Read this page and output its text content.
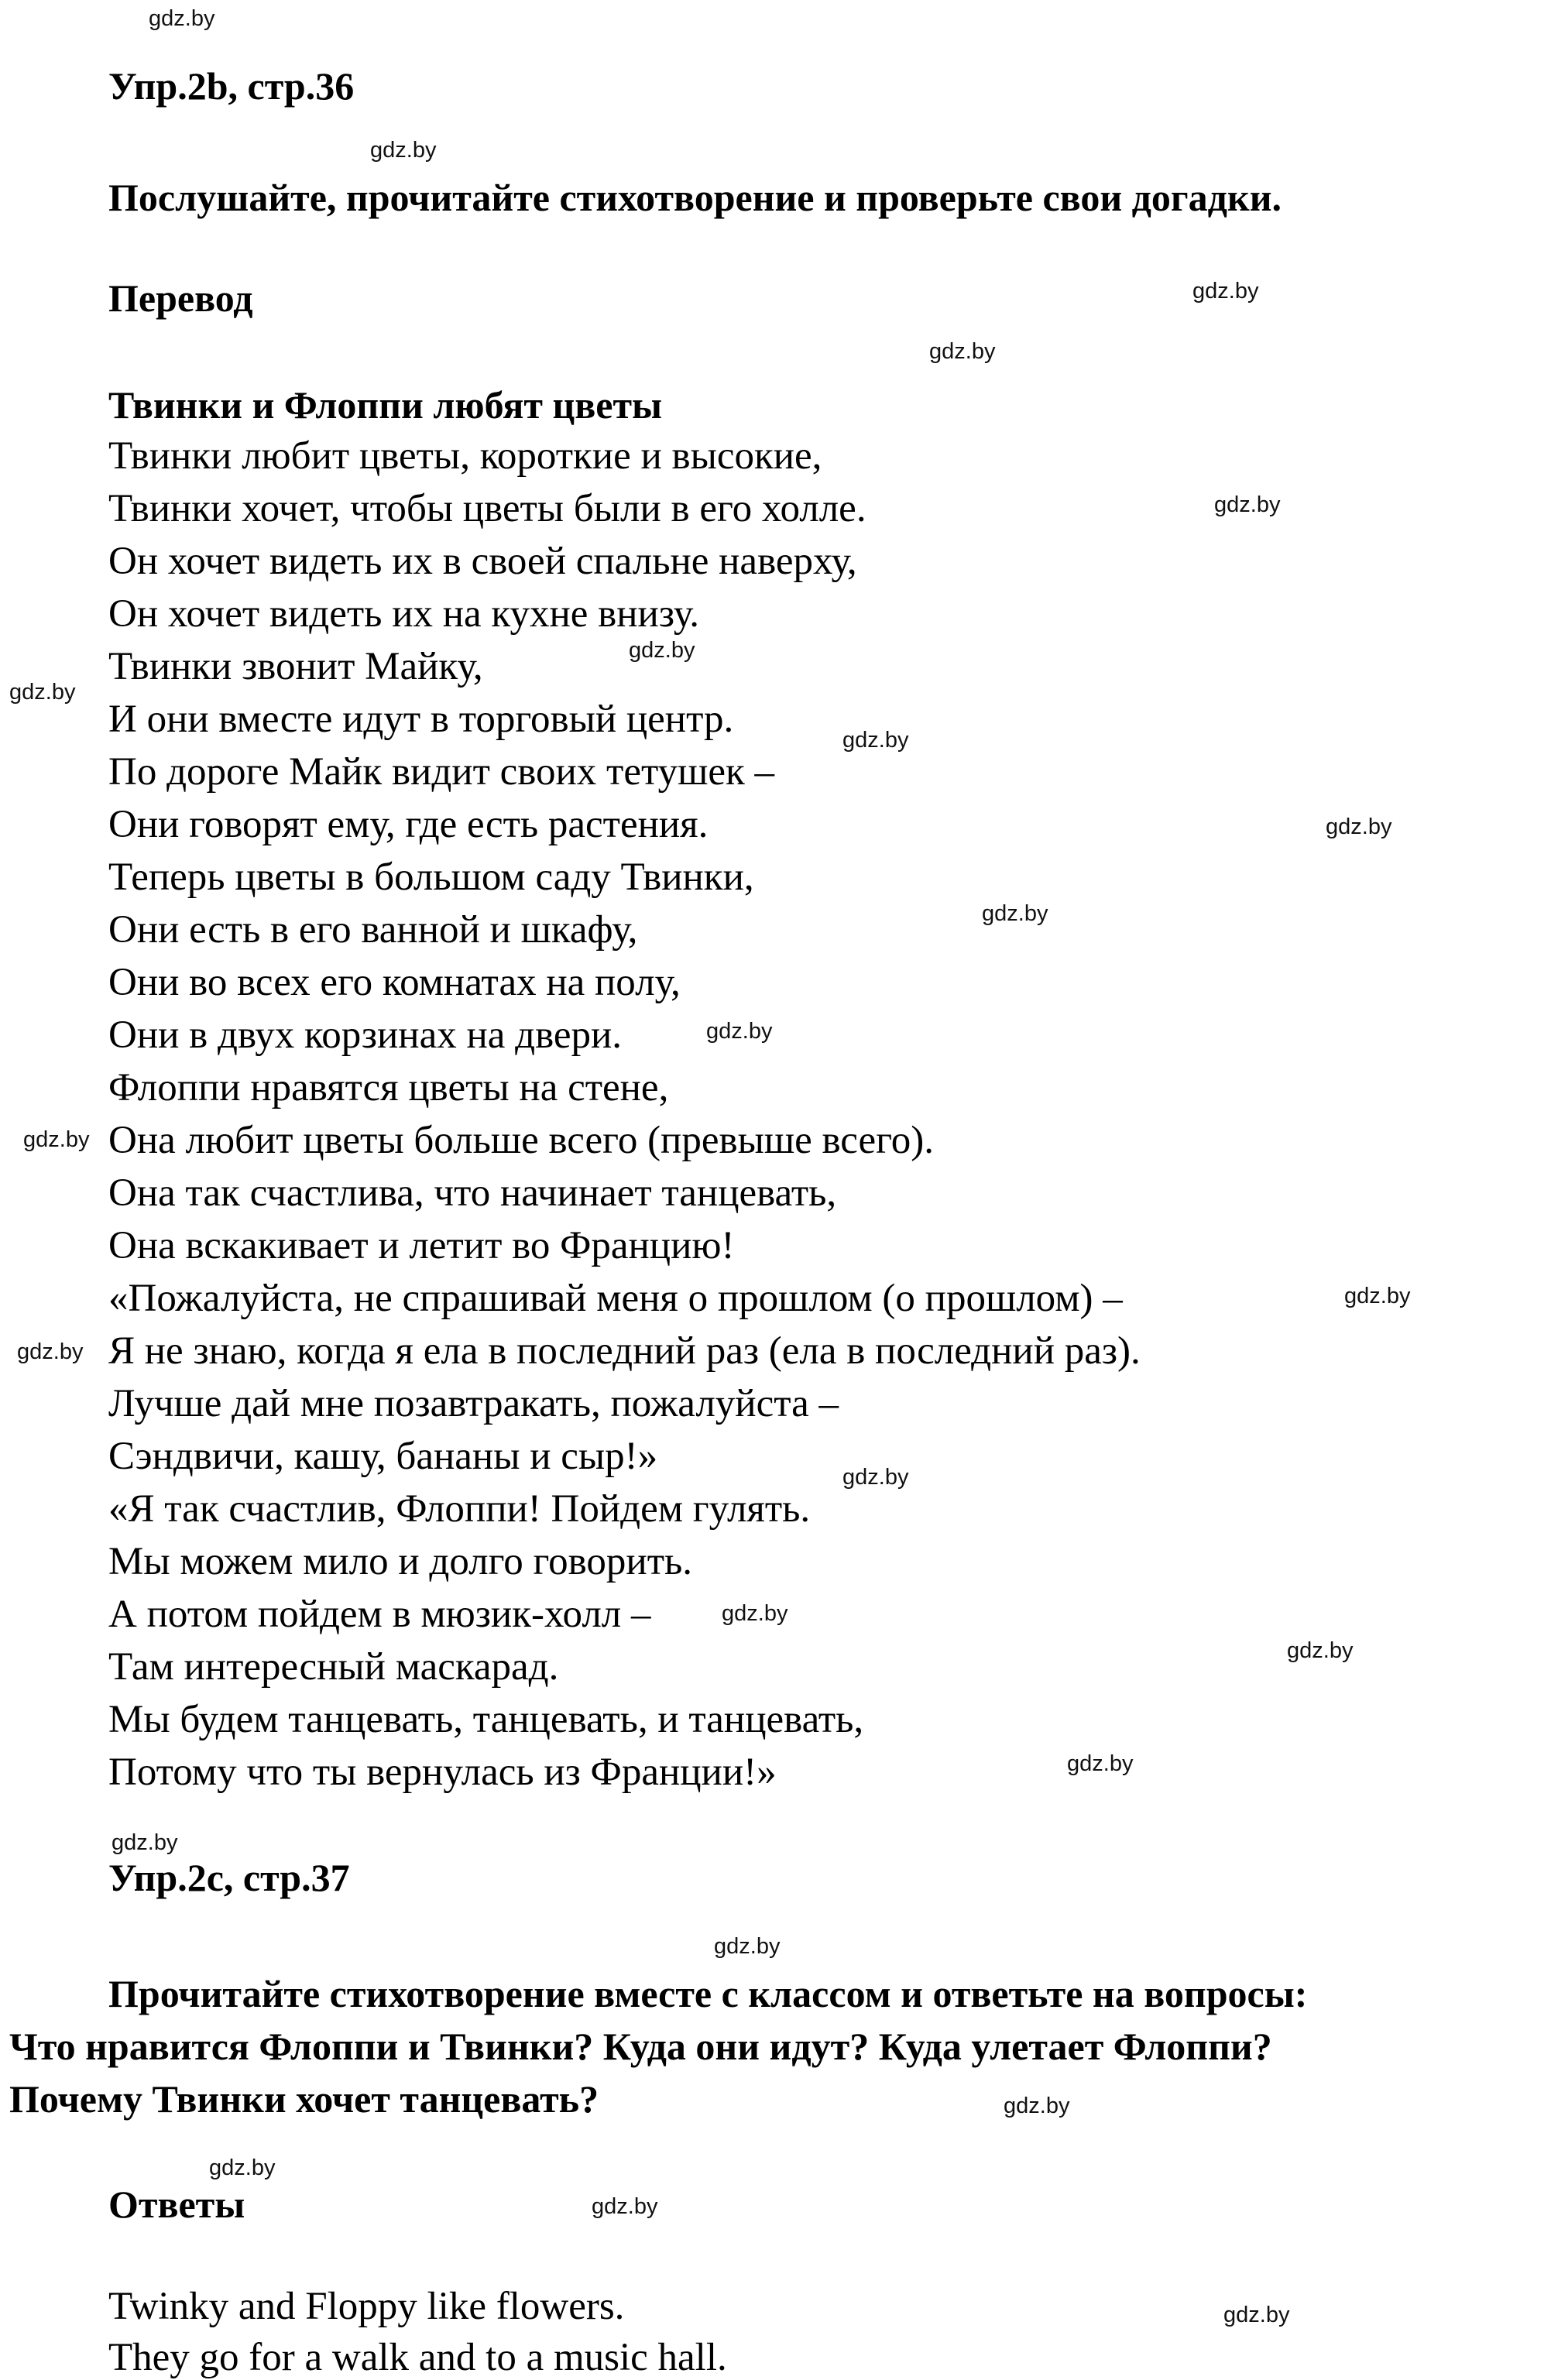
gdz.by
gdz.by
gdz.by
gdz.by
gdz.by
gdz.by
gdz.by
gdz.by
gdz.by
gdz.by
gdz.by
gdz.by
gdz.by
gdz.by
gdz.by
gdz.by
gdz.by
gdz.by
gdz.by
gdz.by
gdz.by
gdz.by
gdz.by
gdz.by
Упр.2b, стр.36
Послушайте, прочитайте стихотворение и проверьте свои догадки.
Перевод
Твинки и Флоппи любят цветы
Твинки любит цветы, короткие и высокие,
Твинки хочет, чтобы цветы были в его холле.
Он хочет видеть их в своей спальне наверху,
Он хочет видеть их на кухне внизу.
Твинки звонит Майку,
И они вместе идут в торговый центр.
По дороге Майк видит своих тетушек –
Они говорят ему, где есть растения.
Теперь цветы в большом саду Твинки,
Они есть в его ванной и шкафу,
Они во всех его комнатах на полу,
Они в двух корзинах на двери.
Флоппи нравятся цветы на стене,
Она любит цветы больше всего (превыше всего).
Она так счастлива, что начинает танцевать,
Она вскакивает и летит во Францию!
«Пожалуйста, не спрашивай меня о прошлом (о прошлом) –
Я не знаю, когда я ела в последний раз (ела в последний раз).
Лучше дай мне позавтракать, пожалуйста –
Сэндвичи, кашу, бананы и сыр!»
«Я так счастлив, Флоппи! Пойдем гулять.
Мы можем мило и долго говорить.
А потом пойдем в мюзик-холл –
Там интересный маскарад.
Мы будем танцевать, танцевать, и танцевать,
Потому что ты вернулась из Франции!»
Упр.2с, стр.37
Прочитайте стихотворение вместе с классом и ответьте на вопросы:
Что нравится Флоппи и Твинки? Куда они идут? Куда улетает Флоппи?
Почему Твинки хочет танцевать?
Ответы
Twinky and Floppy like flowers.
They go for a walk and to a music hall.
